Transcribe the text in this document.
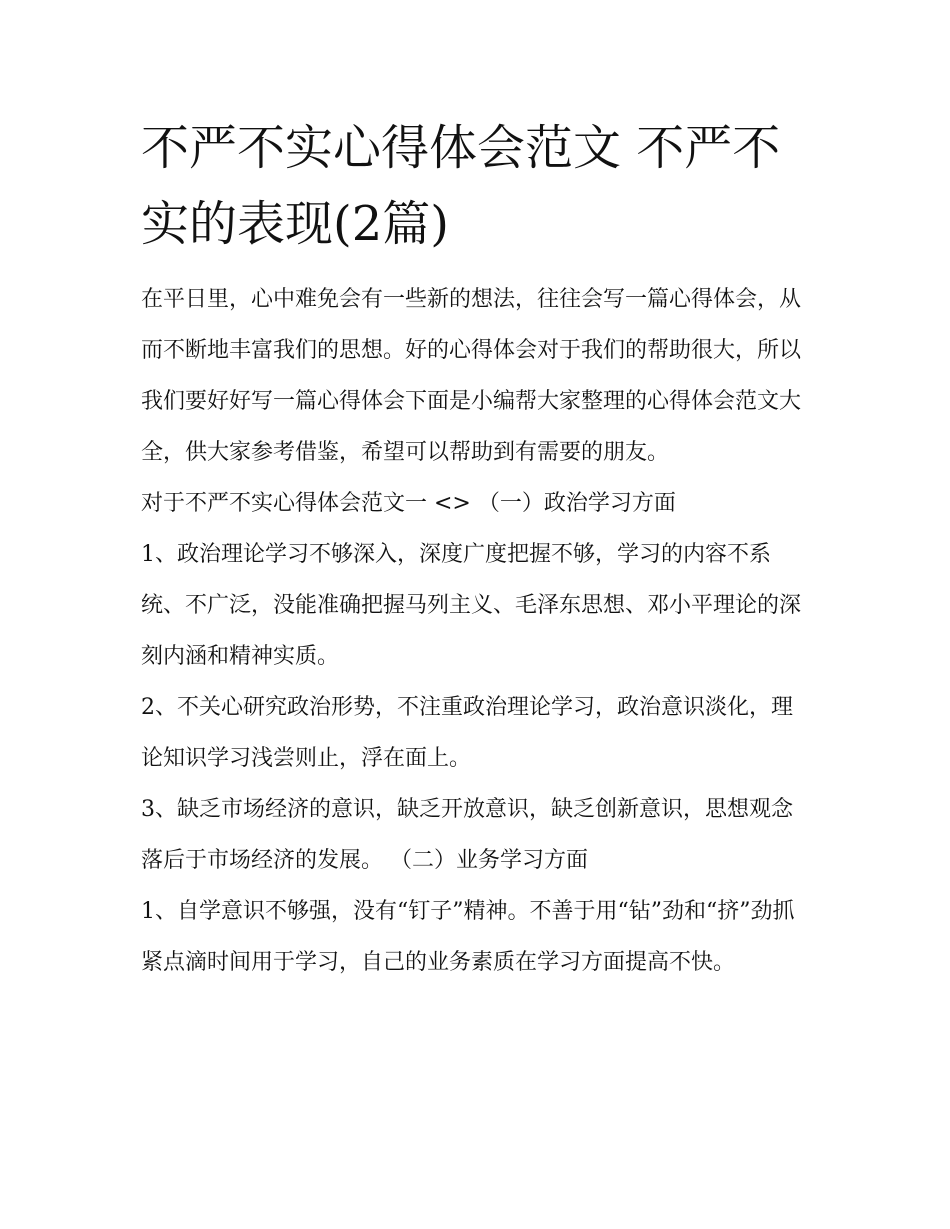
不严不实心得体会范文 不严不实的表现(2篇)

在平日里，心中难免会有一些新的想法，往往会写一篇心得体会，从而不断地丰富我们的思想。好的心得体会对于我们的帮助很大，所以我们要好好写一篇心得体会下面是小编帮大家整理的心得体会范文大全，供大家参考借鉴，希望可以帮助到有需要的朋友。

对于不严不实心得体会范文一 <> （一）政治学习方面

1、政治理论学习不够深入，深度广度把握不够，学习的内容不系统、不广泛，没能准确把握马列主义、毛泽东思想、邓小平理论的深刻内涵和精神实质。

2、不关心研究政治形势，不注重政治理论学习，政治意识淡化，理论知识学习浅尝则止，浮在面上。

3、缺乏市场经济的意识，缺乏开放意识，缺乏创新意识，思想观念落后于市场经济的发展。 （二）业务学习方面

1、自学意识不够强，没有“钉子”精神。不善于用“钻”劲和“挤”劲抓紧点滴时间用于学习，自己的业务素质在学习方面提高不快。
